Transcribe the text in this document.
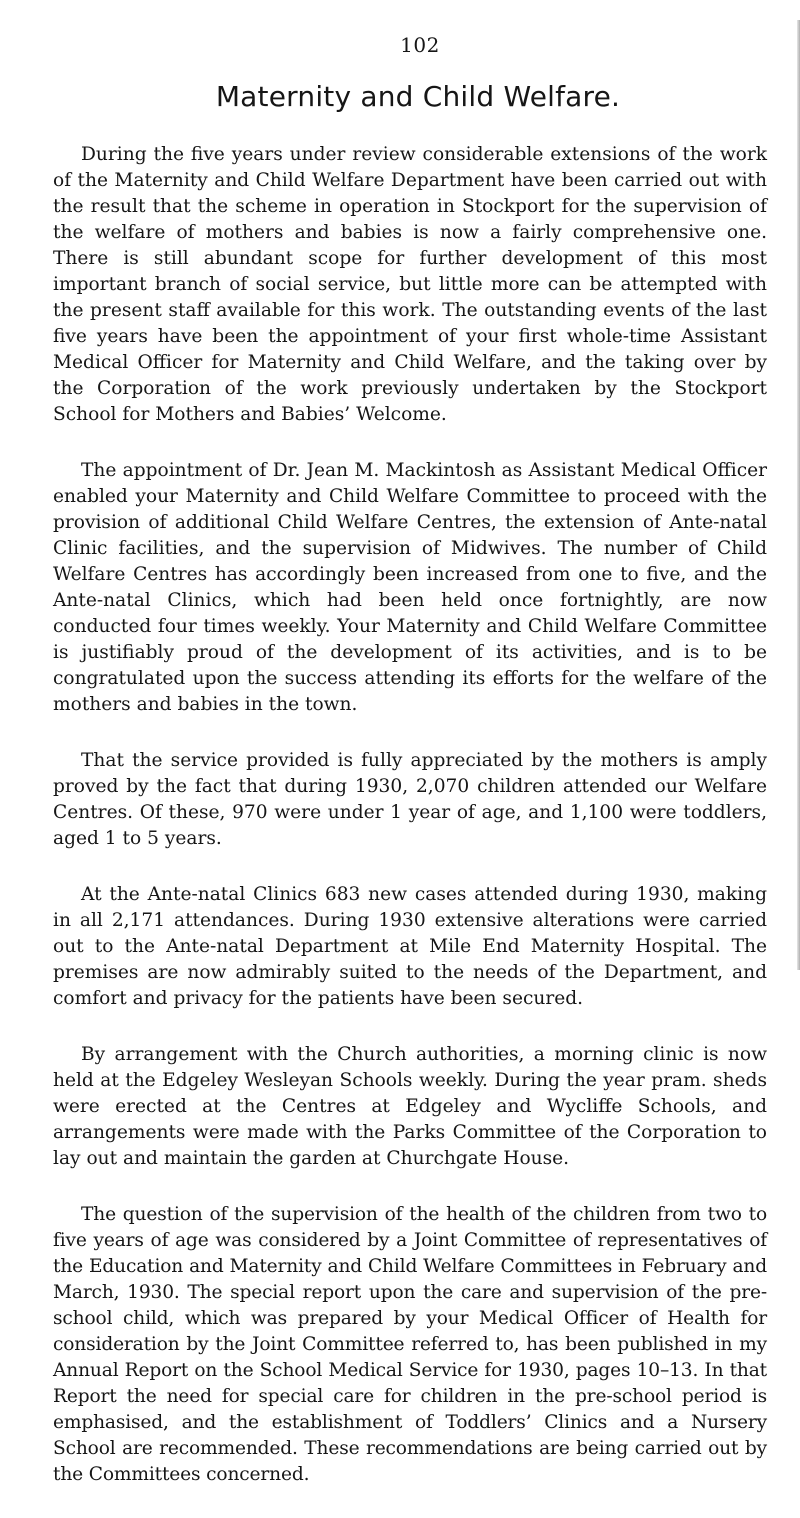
102
Maternity and Child Welfare.

During the five years under review considerable extensions of the work of the Maternity and Child Welfare Department have been carried out with the result that the scheme in operation in Stockport for the supervision of the welfare of mothers and babies is now a fairly comprehensive one. There is still abundant scope for further development of this most important branch of social service, but little more can be attempted with the present staff available for this work. The outstanding events of the last five years have been the appointment of your first whole-time Assistant Medical Officer for Maternity and Child Welfare, and the taking over by the Corporation of the work previously undertaken by the Stockport School for Mothers and Babies’ Welcome.

The appointment of Dr. Jean M. Mackintosh as Assistant Medical Officer enabled your Maternity and Child Welfare Committee to proceed with the provision of additional Child Welfare Centres, the extension of Ante-natal Clinic facilities, and the supervision of Midwives. The number of Child Welfare Centres has accordingly been increased from one to five, and the Ante-natal Clinics, which had been held once fortnightly, are now conducted four times weekly. Your Maternity and Child Welfare Committee is justifiably proud of the development of its activities, and is to be congratulated upon the success attending its efforts for the welfare of the mothers and babies in the town.

That the service provided is fully appreciated by the mothers is amply proved by the fact that during 1930, 2,070 children attended our Welfare Centres. Of these, 970 were under 1 year of age, and 1,100 were toddlers, aged 1 to 5 years.

At the Ante-natal Clinics 683 new cases attended during 1930, making in all 2,171 attendances. During 1930 extensive alterations were carried out to the Ante-natal Department at Mile End Maternity Hospital. The premises are now admirably suited to the needs of the Department, and comfort and privacy for the patients have been secured.

By arrangement with the Church authorities, a morning clinic is now held at the Edgeley Wesleyan Schools weekly. During the year pram. sheds were erected at the Centres at Edgeley and Wycliffe Schools, and arrangements were made with the Parks Committee of the Corporation to lay out and maintain the garden at Churchgate House.

The question of the supervision of the health of the children from two to five years of age was considered by a Joint Committee of representatives of the Education and Maternity and Child Welfare Committees in February and March, 1930. The special report upon the care and supervision of the pre-school child, which was prepared by your Medical Officer of Health for consideration by the Joint Committee referred to, has been published in my Annual Report on the School Medical Service for 1930, pages 10–13. In that Report the need for special care for children in the pre-school period is emphasised, and the establishment of Toddlers’ Clinics and a Nursery School are recommended. These recommendations are being carried out by the Committees concerned.
